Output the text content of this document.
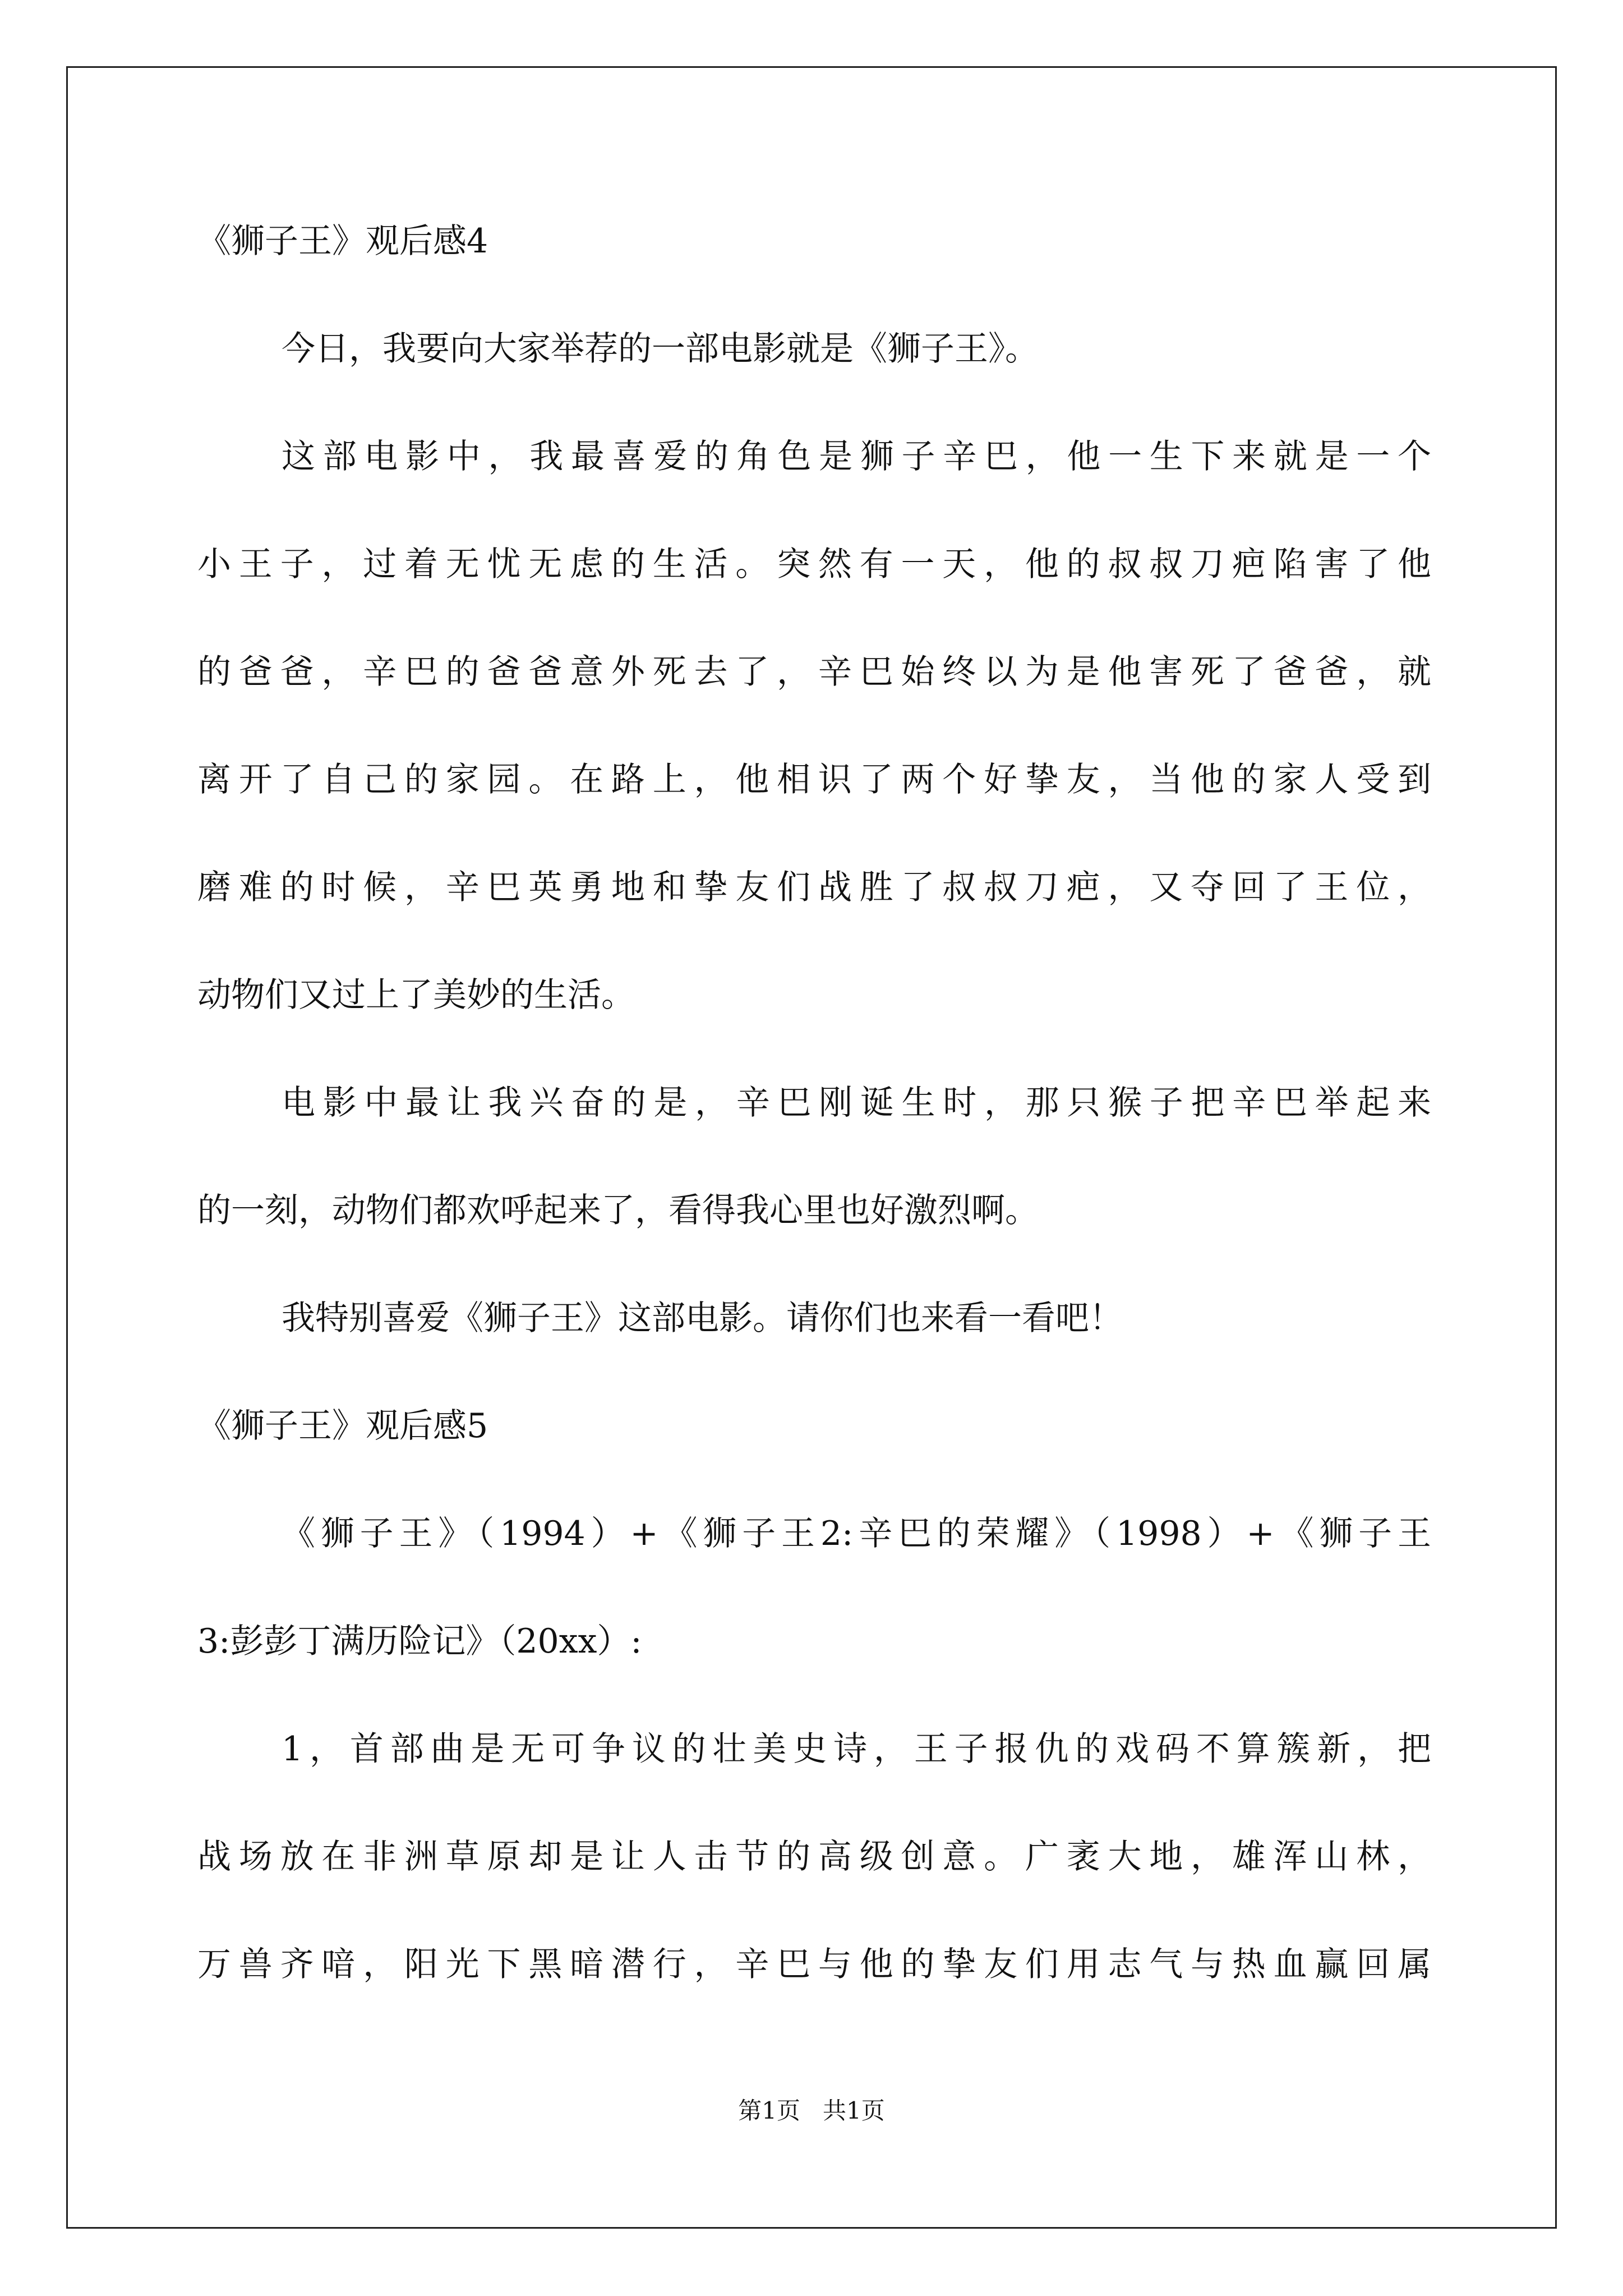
《狮子王》观后感4
今日，我要向大家举荐的一部电影就是《狮子王》。
这部电影中，我最喜爱的角色是狮子辛巴，他一生下来就是一个
小王子，过着无忧无虑的生活。突然有一天，他的叔叔刀疤陷害了他
的爸爸，辛巴的爸爸意外死去了，辛巴始终以为是他害死了爸爸，就
离开了自己的家园。在路上，他相识了两个好挚友，当他的家人受到
磨难的时候，辛巴英勇地和挚友们战胜了叔叔刀疤，又夺回了王位，
动物们又过上了美妙的生活。
电影中最让我兴奋的是，辛巴刚诞生时，那只猴子把辛巴举起来
的一刻，动物们都欢呼起来了，看得我心里也好激烈啊。
我特别喜爱《狮子王》这部电影。请你们也来看一看吧！
《狮子王》观后感5
《狮子王》（1994）+《狮子王2:辛巴的荣耀》（1998）+《狮子王
3:彭彭丁满历险记》（20xx）:
1，首部曲是无可争议的壮美史诗，王子报仇的戏码不算簇新，把
战场放在非洲草原却是让人击节的高级创意。广袤大地，雄浑山林，
万兽齐喑，阳光下黑暗潜行，辛巴与他的挚友们用志气与热血赢回属
第1页   共1页
